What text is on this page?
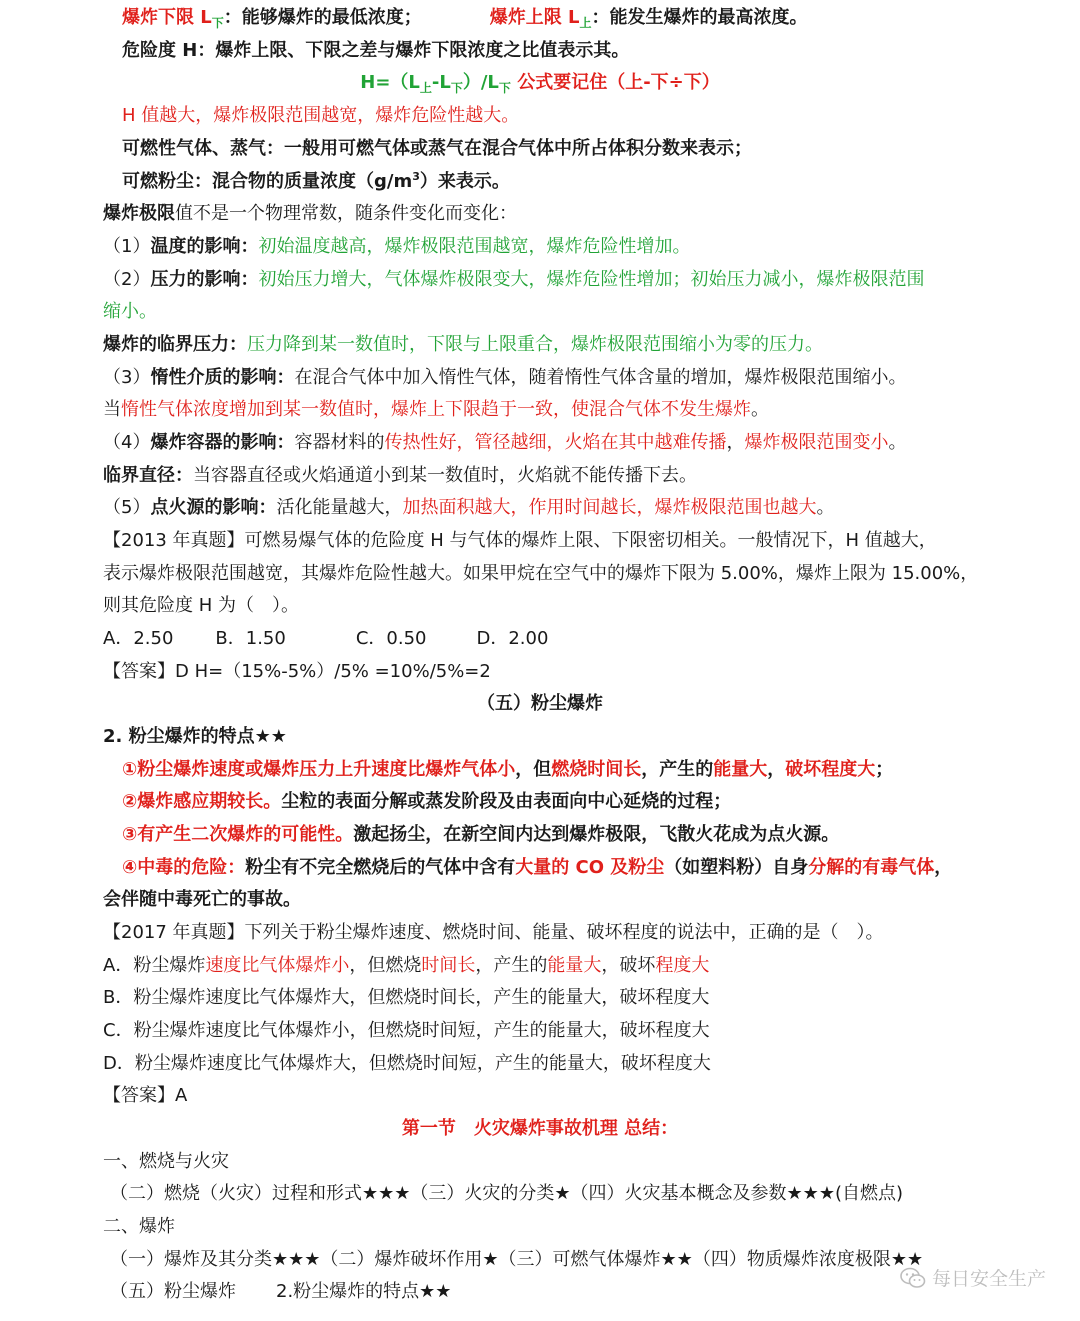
爆炸下限 $L_下$：能够爆炸的最低浓度；	爆炸上限 $L_上$：能发生爆炸的最高浓度。
危险度 H：爆炸上限、下限之差与爆炸下限浓度之比值表示其。
$H=(L_上-L_下)/L_下$ 公式要记住（上-下÷下）
H 值越大，爆炸极限范围越宽，爆炸危险性越大。
可燃性气体、蒸气：一般用可燃气体或蒸气在混合气体中所占体积分数来表示；
可燃粉尘：混合物的质量浓度$(g/m^3)$来表示。
爆炸极限值不是一个物理常数，随条件变化而变化：
（1）温度的影响：初始温度越高，爆炸极限范围越宽，爆炸危险性增加。
（2）压力的影响：初始压力增大，气体爆炸极限变大，爆炸危险性增加；初始压力减小，爆炸极限范围
缩小。
爆炸的临界压力：压力降到某一数值时，下限与上限重合，爆炸极限范围缩小为零的压力。
（3）惰性介质的影响：在混合气体中加入惰性气体，随着惰性气体含量的增加，爆炸极限范围缩小。
当惰性气体浓度增加到某一数值时，爆炸上下限趋于一致，使混合气体不发生爆炸。
（4）爆炸容器的影响：容器材料的传热性好，管径越细，火焰在其中越难传播，爆炸极限范围变小。
临界直径：当容器直径或火焰通道小到某一数值时，火焰就不能传播下去。
（5）点火源的影响：活化能量越大，加热面积越大，作用时间越长，爆炸极限范围也越大。
【2013 年真题】可燃易爆气体的危险度 H 与气体的爆炸上限、下限密切相关。一般情况下，H 值越大，
表示爆炸极限范围越宽，其爆炸危险性越大。如果甲烷在空气中的爆炸下限为 5.00%，爆炸上限为 15.00%，
则其危险度 H 为（　）。
A．2.50 B．1.50	C．0.50	D．2.00
【答案】D H=（15%-5%）/5% =10%/5%=2
（五）粉尘爆炸
2. 粉尘爆炸的特点★★
①粉尘爆炸速度或爆炸压力上升速度比爆炸气体小，但燃烧时间长，产生的能量大，破坏程度大；
②爆炸感应期较长。尘粒的表面分解或蒸发阶段及由表面向中心延烧的过程；
③有产生二次爆炸的可能性。激起扬尘，在新空间内达到爆炸极限，飞散火花成为点火源。
④中毒的危险：粉尘有不完全燃烧后的气体中含有大量的 CO 及粉尘（如塑料粉）自身分解的有毒气体，
会伴随中毒死亡的事故。
【2017 年真题】下列关于粉尘爆炸速度、燃烧时间、能量、破坏程度的说法中，正确的是（　）。
A．粉尘爆炸速度比气体爆炸小，但燃烧时间长，产生的能量大，破坏程度大
B．粉尘爆炸速度比气体爆炸大，但燃烧时间长，产生的能量大，破坏程度大
C．粉尘爆炸速度比气体爆炸小，但燃烧时间短，产生的能量大，破坏程度大
D．粉尘爆炸速度比气体爆炸大，但燃烧时间短，产生的能量大，破坏程度大
【答案】A
第一节　火灾爆炸事故机理 总结：
一、燃烧与火灾
（二）燃烧（火灾）过程和形式★★★（三）火灾的分类★（四）火灾基本概念及参数★★★(自燃点)
二、爆炸
（一）爆炸及其分类★★★（二）爆炸破坏作用★（三）可燃气体爆炸★★（四）物质爆炸浓度极限★★
（五）粉尘爆炸 2.粉尘爆炸的特点★★
每日安全生产
